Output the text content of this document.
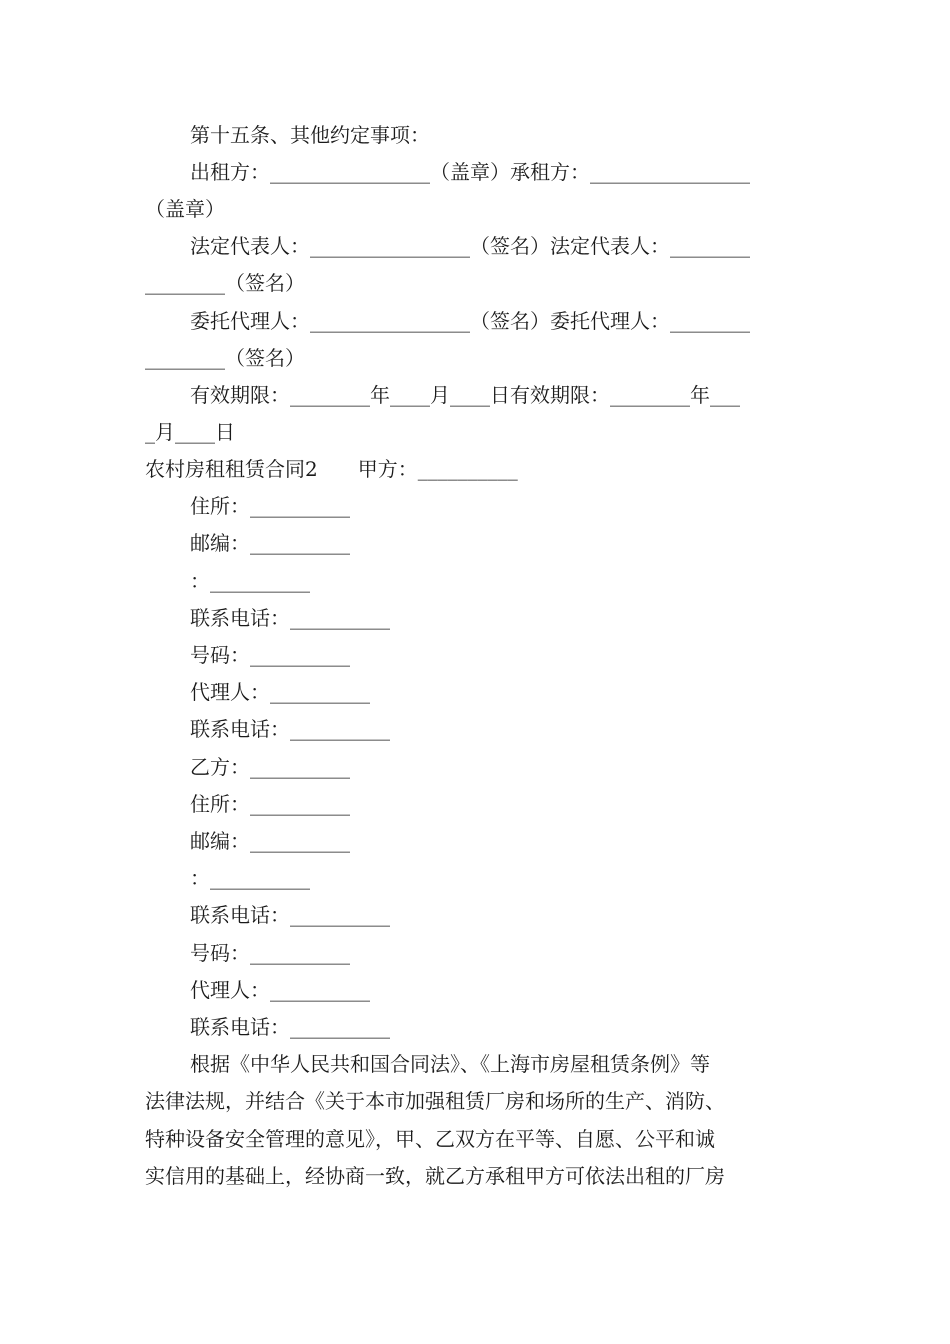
第十五条、其他约定事项：
出租方：________________（盖章）承租方：________________
（盖章）
法定代表人：________________（签名）法定代表人：________
________（签名）
委托代理人：________________（签名）委托代理人：________
________（签名）
有效期限：________年____月____日有效期限：________年___
_月____日
农村房租租赁合同2　　甲方：__________
住所：__________
邮编：__________
：__________
联系电话：__________
号码：__________
代理人：__________
联系电话：__________
乙方：__________
住所：__________
邮编：__________
：__________
联系电话：__________
号码：__________
代理人：__________
联系电话：__________
根据《中华人民共和国合同法》、《上海市房屋租赁条例》等
法律法规，并结合《关于本市加强租赁厂房和场所的生产、消防、
特种设备安全管理的意见》，甲、乙双方在平等、自愿、公平和诚
实信用的基础上，经协商一致，就乙方承租甲方可依法出租的厂房
